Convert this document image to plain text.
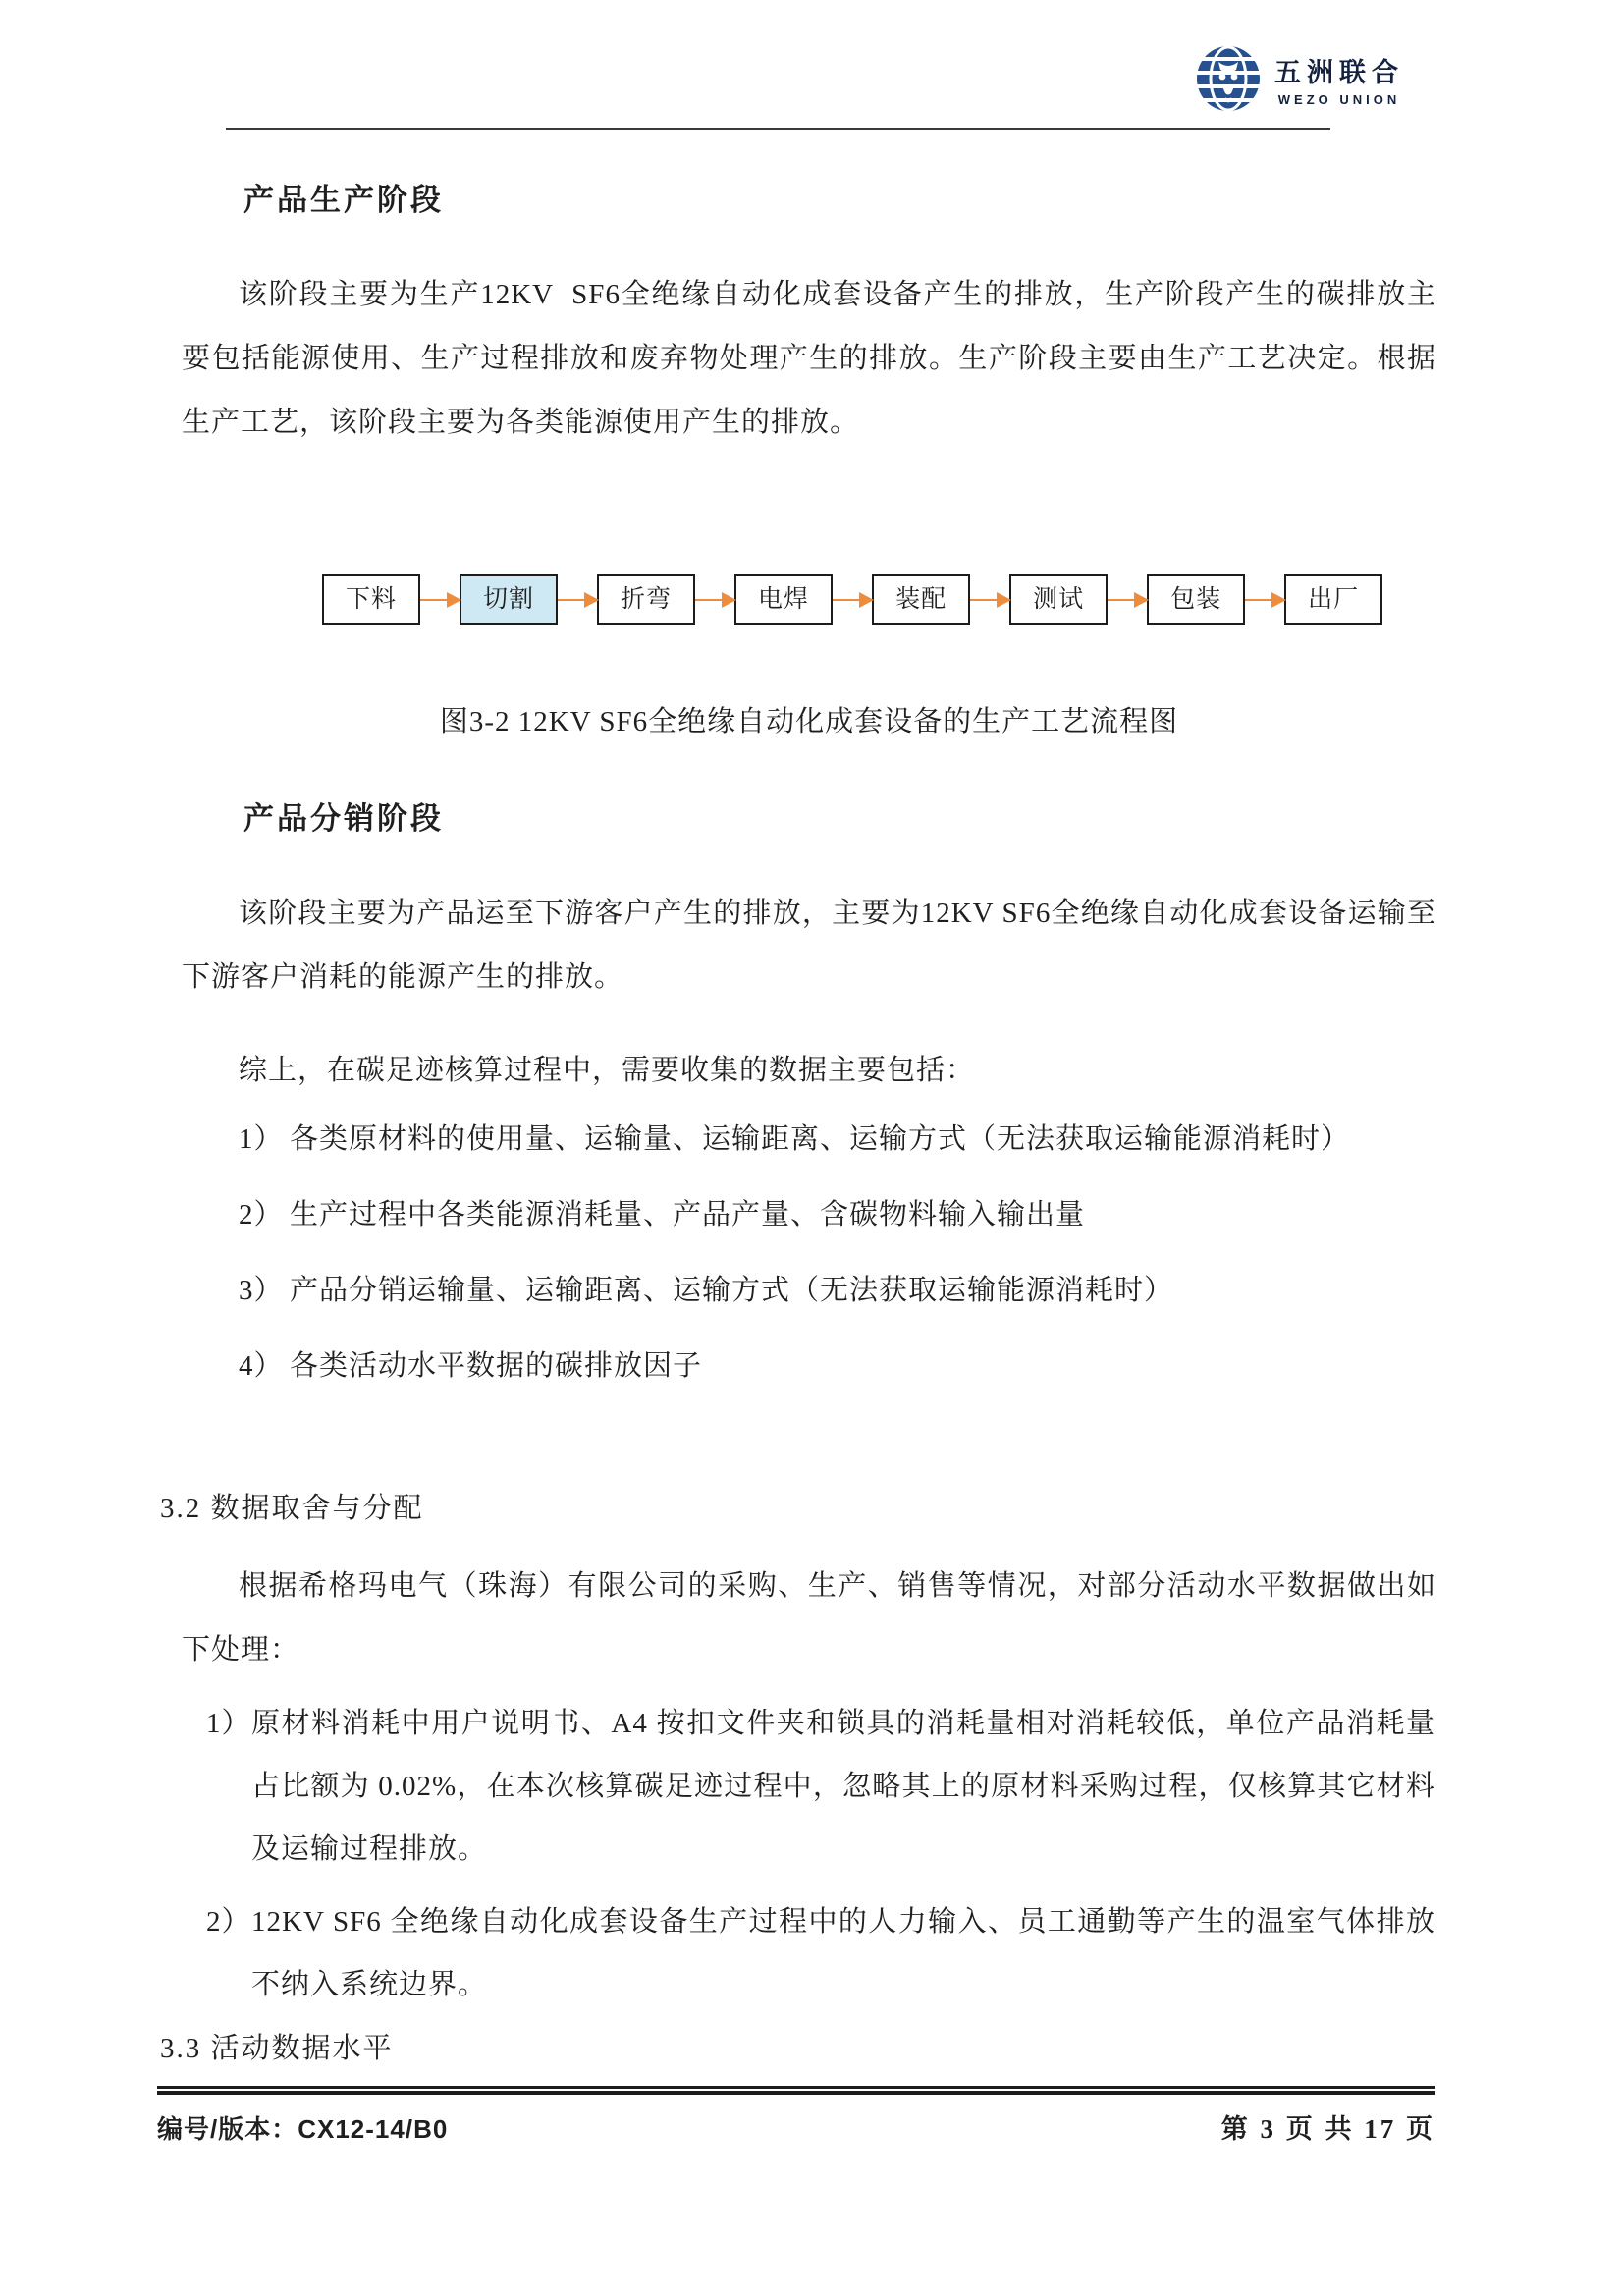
五洲联合
WEZO UNION
产品生产阶段

该阶段主要为生产12KV  SF6全绝缘自动化成套设备产生的排放，生产阶段产生的碳排放主要包括能源使用、生产过程排放和废弃物处理产生的排放。生产阶段主要由生产工艺决定。根据生产工艺，该阶段主要为各类能源使用产生的排放。

下料	切割	折弯	电焊	装配	测试	包装	出厂
图3-2 12KV SF6全绝缘自动化成套设备的生产工艺流程图
产品分销阶段

该阶段主要为产品运至下游客户产生的排放，主要为12KV SF6全绝缘自动化成套设备运输至下游客户消耗的能源产生的排放。

综上，在碳足迹核算过程中，需要收集的数据主要包括：

1） 各类原材料的使用量、运输量、运输距离、运输方式（无法获取运输能源消耗时）
2） 生产过程中各类能源消耗量、产品产量、含碳物料输入输出量
3） 产品分销运输量、运输距离、运输方式（无法获取运输能源消耗时）
4） 各类活动水平数据的碳排放因子
3.2 数据取舍与分配

根据希格玛电气（珠海）有限公司的采购、生产、销售等情况，对部分活动水平数据做出如下处理：

1） 原材料消耗中用户说明书、A4 按扣文件夹和锁具的消耗量相对消耗较低，单位产品消耗量占比额为 0.02%，在本次核算碳足迹过程中，忽略其上的原材料采购过程，仅核算其它材料及运输过程排放。
2） 12KV SF6 全绝缘自动化成套设备生产过程中的人力输入、员工通勤等产生的温室气体排放不纳入系统边界。
3.3 活动数据水平
编号/版本：CX12-14/B0	第 3 页 共 17 页
